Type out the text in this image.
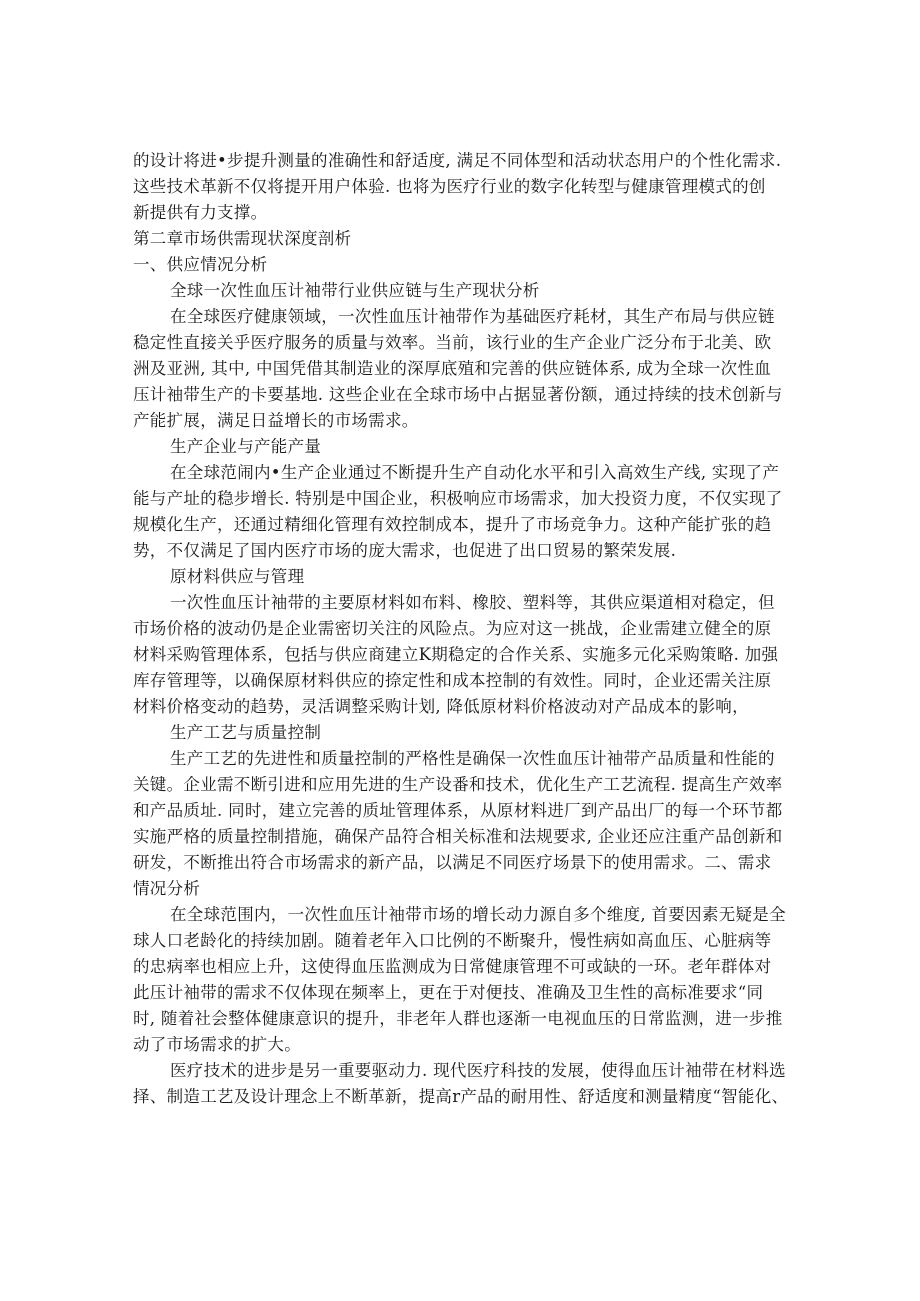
的设计将进•步提升测量的准确性和舒适度, 满足不同体型和活动状态用户的个性化需求.
这些技术革新不仅将提开用户体验. 也将为医疗行业的数字化转型与健康管理模式的创
新提供有力支撑。
第二章市场供需现状深度剖析
一、供应情况分析
全球一次性血压计袖带行业供应链与生产现状分析
在全球医疗健康领域，一次性血压计袖带作为基础医疗耗材，其生产布局与供应链
稳定性直接关乎医疗服务的质量与效率。当前，该行业的生产企业广泛分布于北美、欧
洲及亚洲, 其中, 中国凭借其制造业的深厚底殖和完善的供应链体系, 成为全球一次性血
压计袖带生产的卡要基地. 这些企业在全球市场中占据显著份额，通过持续的技术创新与
产能扩展，满足日益增长的市场需求。
生产企业与产能产量
在全球范闹内•生产企业通过不断提升生产自动化水平和引入高效生产线, 实现了产
能与产址的稳步增长. 特别是中国企业，积极响应市场需求，加大投资力度，不仅实现了
规模化生产，还通过精细化管理有效控制成本，提升了市场竞争力。这种产能扩张的趋
势，不仅满足了国内医疗市场的庞大需求，也促进了出口贸易的繁荣发展.
原材料供应与管理
一次性血压计袖带的主要原材料如布料、橡胶、塑料等，其供应渠道相对稳定，但
市场价格的波动仍是企业需密切关注的风险点。为应对这一挑战，企业需建立健全的原
材料采购管理体系，包括与供应商建立K期稳定的合作关系、实施多元化采购策略. 加强
库存管理等，以确保原材料供应的捺定性和成本控制的有效性。同时，企业还需关注原
材料价格变动的趋势，灵活调整采购计划, 降低原材料价格波动对产品成本的影响，
生产工艺与质量控制
生产工艺的先进性和质量控制的严格性是确保一次性血压计袖带产品质量和性能的
关键。企业需不断引进和应用先进的生产设番和技术，优化生产工艺流程. 提高生产效率
和产品质址. 同时，建立完善的质址管理体系，从原材料进厂到产品出厂的每一个环节都
实施严格的质量控制措施，确保产品符合相关标准和法规要求, 企业还应注重产品创新和
研发，不断推出符合市场需求的新产品，以满足不同医疗场景下的使用需求。二、需求
情况分析
在全球范围内，一次性血压计袖带市场的增长动力源自多个维度, 首要因素无疑是全
球人口老龄化的持续加剧。随着老年入口比例的不断聚升，慢性病如高血压、心脏病等
的忠病率也相应上升，这使得血压监测成为日常健康管理不可或缺的一环。老年群体对
此压计袖带的需求不仅体现在频率上，更在于对便技、准确及卫生性的高标准要求“同
时, 随着社会整体健康意识的提升，非老年人群也逐渐一电视血压的日常监测，进一步推
动了市场需求的扩大。
医疗技术的进步是另一重要驱动力. 现代医疗科技的发展，使得血压计袖带在材料选
择、制造工艺及设计理念上不断革新，提高r产品的耐用性、舒适度和测量精度“智能化、
